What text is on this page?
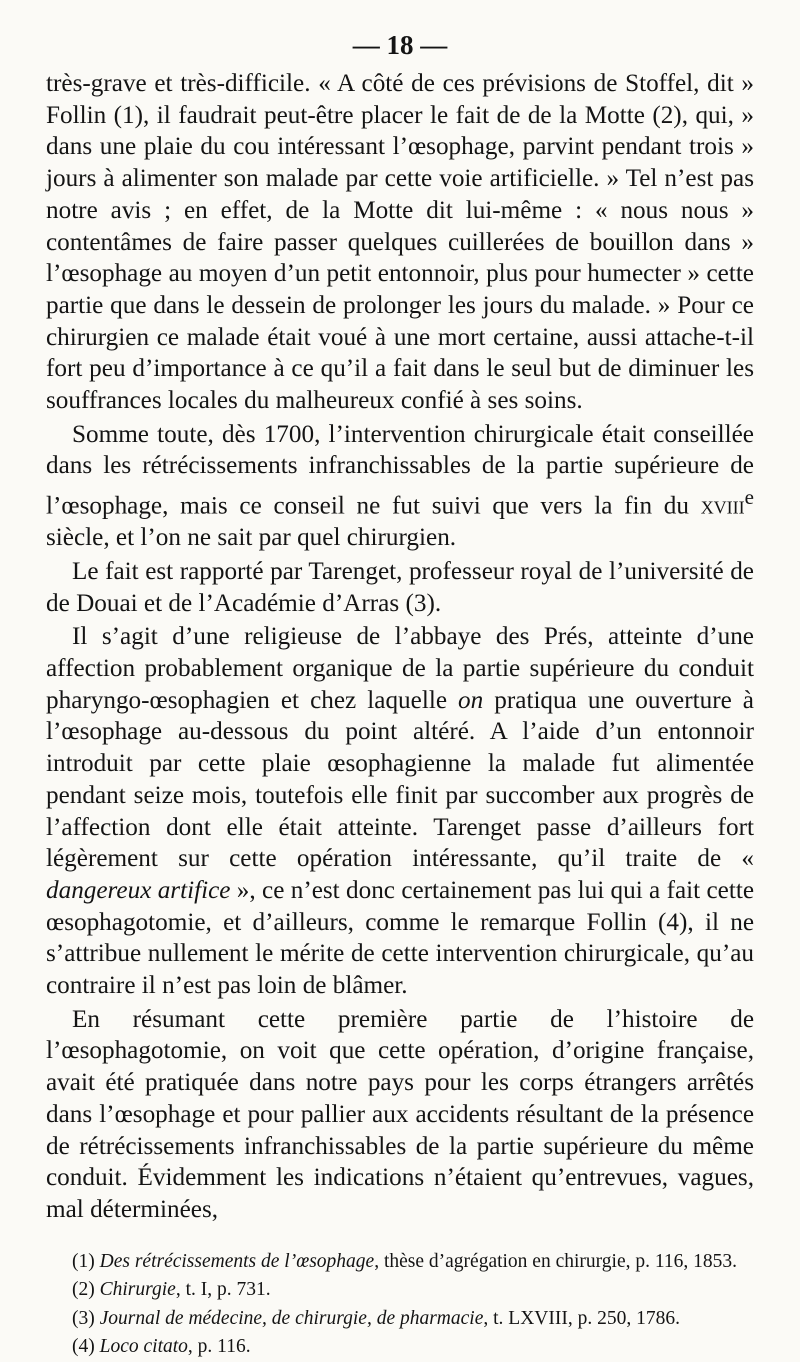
— 18 —

très-grave et très-difficile. « A côté de ces prévisions de Stoffel, dit » Follin (1), il faudrait peut-être placer le fait de de la Motte (2), qui, » dans une plaie du cou intéressant l’œsophage, parvint pendant trois » jours à alimenter son malade par cette voie artificielle. » Tel n’est pas notre avis ; en effet, de la Motte dit lui-même : « nous nous » contentâmes de faire passer quelques cuillerées de bouillon dans » l’œsophage au moyen d’un petit entonnoir, plus pour humecter » cette partie que dans le dessein de prolonger les jours du malade. » Pour ce chirurgien ce malade était voué à une mort certaine, aussi attache-t-il fort peu d’importance à ce qu’il a fait dans le seul but de diminuer les souffrances locales du malheureux confié à ses soins.

Somme toute, dès 1700, l’intervention chirurgicale était conseillée dans les rétrécissements infranchissables de la partie supérieure de l’œsophage, mais ce conseil ne fut suivi que vers la fin du xviii$^e$ siècle, et l’on ne sait par quel chirurgien.

Le fait est rapporté par Tarenget, professeur royal de l’université de de Douai et de l’Académie d’Arras (3).

Il s’agit d’une religieuse de l’abbaye des Prés, atteinte d’une affection probablement organique de la partie supérieure du conduit pharyngo-œsophagien et chez laquelle on pratiqua une ouverture à l’œsophage au-dessous du point altéré. A l’aide d’un entonnoir introduit par cette plaie œsophagienne la malade fut alimentée pendant seize mois, toutefois elle finit par succomber aux progrès de l’affection dont elle était atteinte. Tarenget passe d’ailleurs fort légèrement sur cette opération intéressante, qu’il traite de « dangereux artifice », ce n’est donc certainement pas lui qui a fait cette œsophagotomie, et d’ailleurs, comme le remarque Follin (4), il ne s’attribue nullement le mérite de cette intervention chirurgicale, qu’au contraire il n’est pas loin de blâmer.

En résumant cette première partie de l’histoire de l’œsophagotomie, on voit que cette opération, d’origine française, avait été pratiquée dans notre pays pour les corps étrangers arrêtés dans l’œsophage et pour pallier aux accidents résultant de la présence de rétrécissements infranchissables de la partie supérieure du même conduit. Évidemment les indications n’étaient qu’entrevues, vagues, mal déterminées,

(1) Des rétrécissements de l’œsophage, thèse d’agrégation en chirurgie, p. 116, 1853.

(2) Chirurgie, t. I, p. 731.

(3) Journal de médecine, de chirurgie, de pharmacie, t. LXVIII, p. 250, 1786.

(4) Loco citato, p. 116.
